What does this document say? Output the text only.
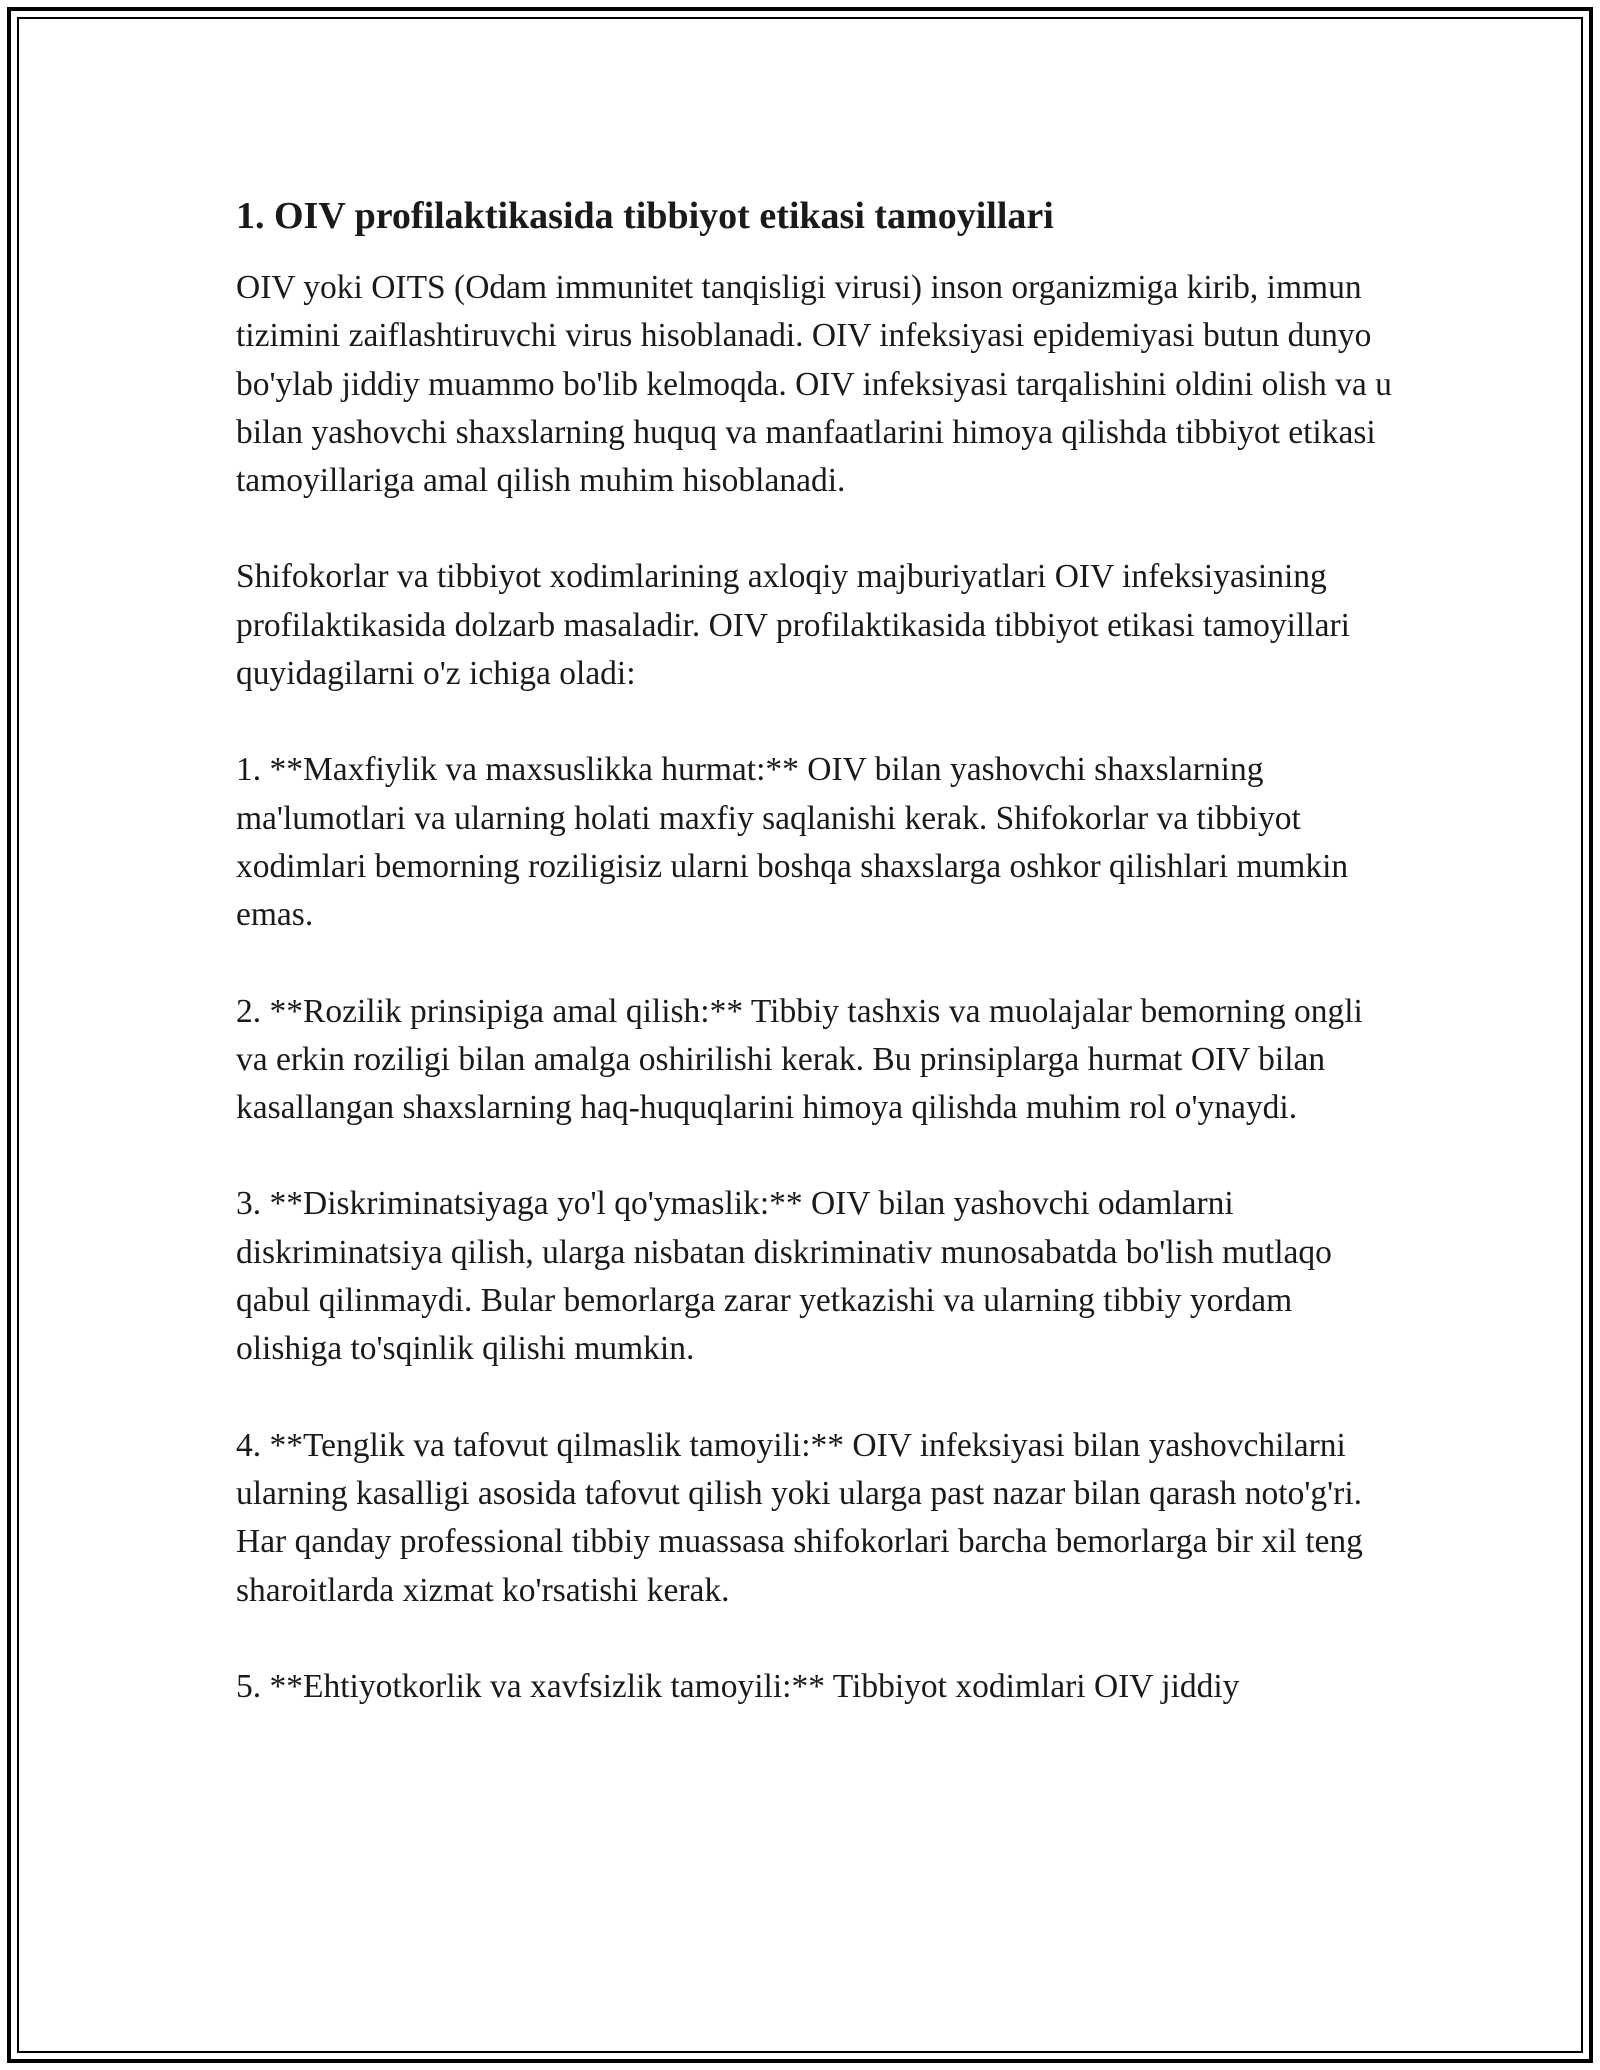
1. OIV profilaktikasida tibbiyot etikasi tamoyillari

OIV yoki OITS (Odam immunitet tanqisligi virusi) inson organizmiga kirib, immun tizimini zaiflashtiruvchi virus hisoblanadi. OIV infeksiyasi epidemiyasi butun dunyo bo'ylab jiddiy muammo bo'lib kelmoqda. OIV infeksiyasi tarqalishini oldini olish va u bilan yashovchi shaxslarning huquq va manfaatlarini himoya qilishda tibbiyot etikasi tamoyillariga amal qilish muhim hisoblanadi.

Shifokorlar va tibbiyot xodimlarining axloqiy majburiyatlari OIV infeksiyasining profilaktikasida dolzarb masaladir. OIV profilaktikasida tibbiyot etikasi tamoyillari quyidagilarni o'z ichiga oladi:

1. **Maxfiylik va maxsuslikka hurmat:** OIV bilan yashovchi shaxslarning ma'lumotlari va ularning holati maxfiy saqlanishi kerak. Shifokorlar va tibbiyot xodimlari bemorning roziligisiz ularni boshqa shaxslarga oshkor qilishlari mumkin emas.

2. **Rozilik prinsipiga amal qilish:** Tibbiy tashxis va muolajalar bemorning ongli va erkin roziligi bilan amalga oshirilishi kerak. Bu prinsiplarga hurmat OIV bilan kasallangan shaxslarning haq-huquqlarini himoya qilishda muhim rol o'ynaydi.

3. **Diskriminatsiyaga yo'l qo'ymaslik:** OIV bilan yashovchi odamlarni diskriminatsiya qilish, ularga nisbatan diskriminativ munosabatda bo'lish mutlaqo qabul qilinmaydi. Bular bemorlarga zarar yetkazishi va ularning tibbiy yordam olishiga to'sqinlik qilishi mumkin.

4. **Tenglik va tafovut qilmaslik tamoyili:** OIV infeksiyasi bilan yashovchilarni ularning kasalligi asosida tafovut qilish yoki ularga past nazar bilan qarash noto'g'ri. Har qanday professional tibbiy muassasa shifokorlari barcha bemorlarga bir xil teng sharoitlarda xizmat ko'rsatishi kerak.

5. **Ehtiyotkorlik va xavfsizlik tamoyili:** Tibbiyot xodimlari OIV jiddiy
